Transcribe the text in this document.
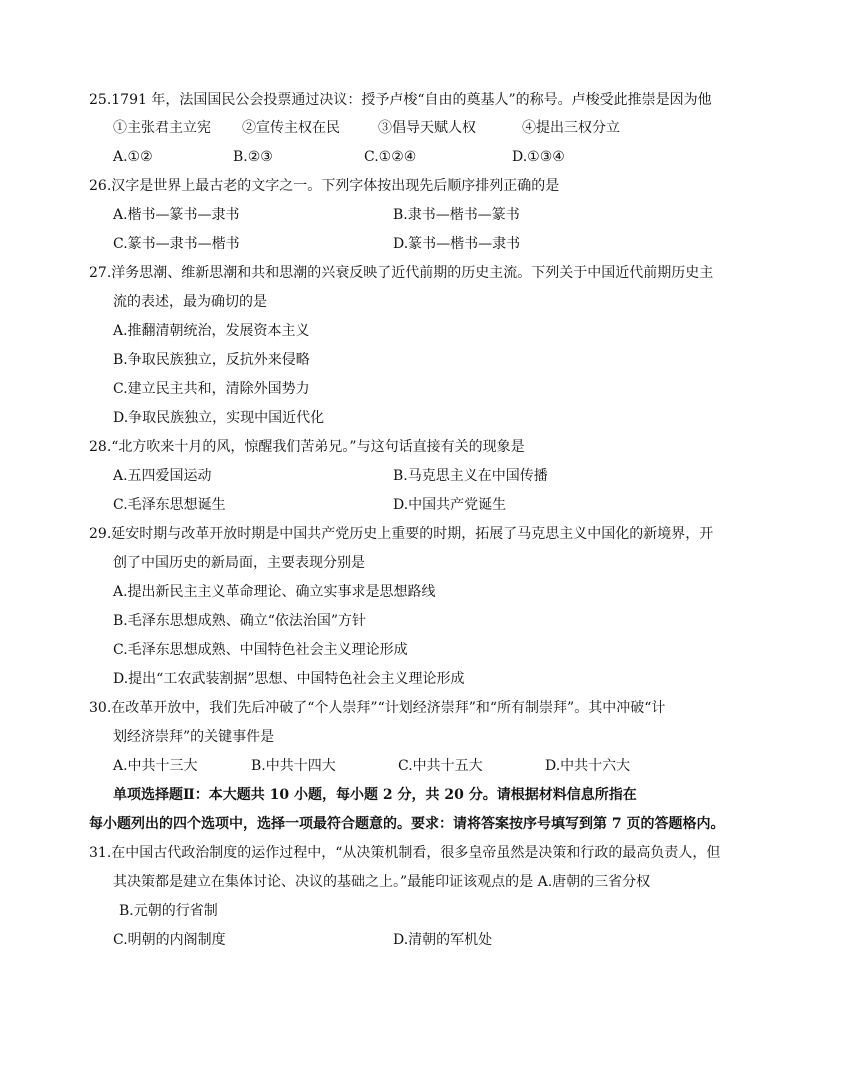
25.1791 年，法国国民公会投票通过决议：授予卢梭“自由的奠基人”的称号。卢梭受此推崇是因为他
①主张君主立宪 ②宣传主权在民	③倡导天赋人权	④提出三权分立
A.①②	B.②③	C.①②④	D.①③④
26.汉字是世界上最古老的文字之一。下列字体按出现先后顺序排列正确的是
A.楷书—篆书—隶书	B.隶书—楷书—篆书
C.篆书—隶书—楷书	D.篆书—楷书—隶书
27.洋务思潮、维新思潮和共和思潮的兴衰反映了近代前期的历史主流。下列关于中国近代前期历史主
流的表述，最为确切的是
A.推翻清朝统治，发展资本主义
B.争取民族独立，反抗外来侵略
C.建立民主共和，清除外国势力
D.争取民族独立，实现中国近代化
28.“北方吹来十月的风，惊醒我们苦弟兄。”与这句话直接有关的现象是
A.五四爱国运动	B.马克思主义在中国传播
C.毛泽东思想诞生	D.中国共产党诞生
29.延安时期与改革开放时期是中国共产党历史上重要的时期，拓展了马克思主义中国化的新境界，开
创了中国历史的新局面，主要表现分别是
A.提出新民主主义革命理论、确立实事求是思想路线
B.毛泽东思想成熟、确立“依法治国”方针
C.毛泽东思想成熟、中国特色社会主义理论形成
D.提出“工农武装割据”思想、中国特色社会主义理论形成
30.在改革开放中，我们先后冲破了“个人崇拜”“计划经济崇拜”和“所有制崇拜”。其中冲破“计
划经济崇拜”的关键事件是
A.中共十三大	B.中共十四大	C.中共十五大	D.中共十六大
单项选择题Ⅱ：本大题共 10 小题，每小题 2 分，共 20 分。请根据材料信息所指在
每小题列出的四个选项中，选择一项最符合题意的。要求：请将答案按序号填写到第 7 页的答题格内。
31.在中国古代政治制度的运作过程中，“从决策机制看，很多皇帝虽然是决策和行政的最高负责人，但
其决策都是建立在集体讨论、决议的基础之上。”最能印证该观点的是 A.唐朝的三省分权
B.元朝的行省制
C.明朝的内阁制度	D.清朝的军机处
